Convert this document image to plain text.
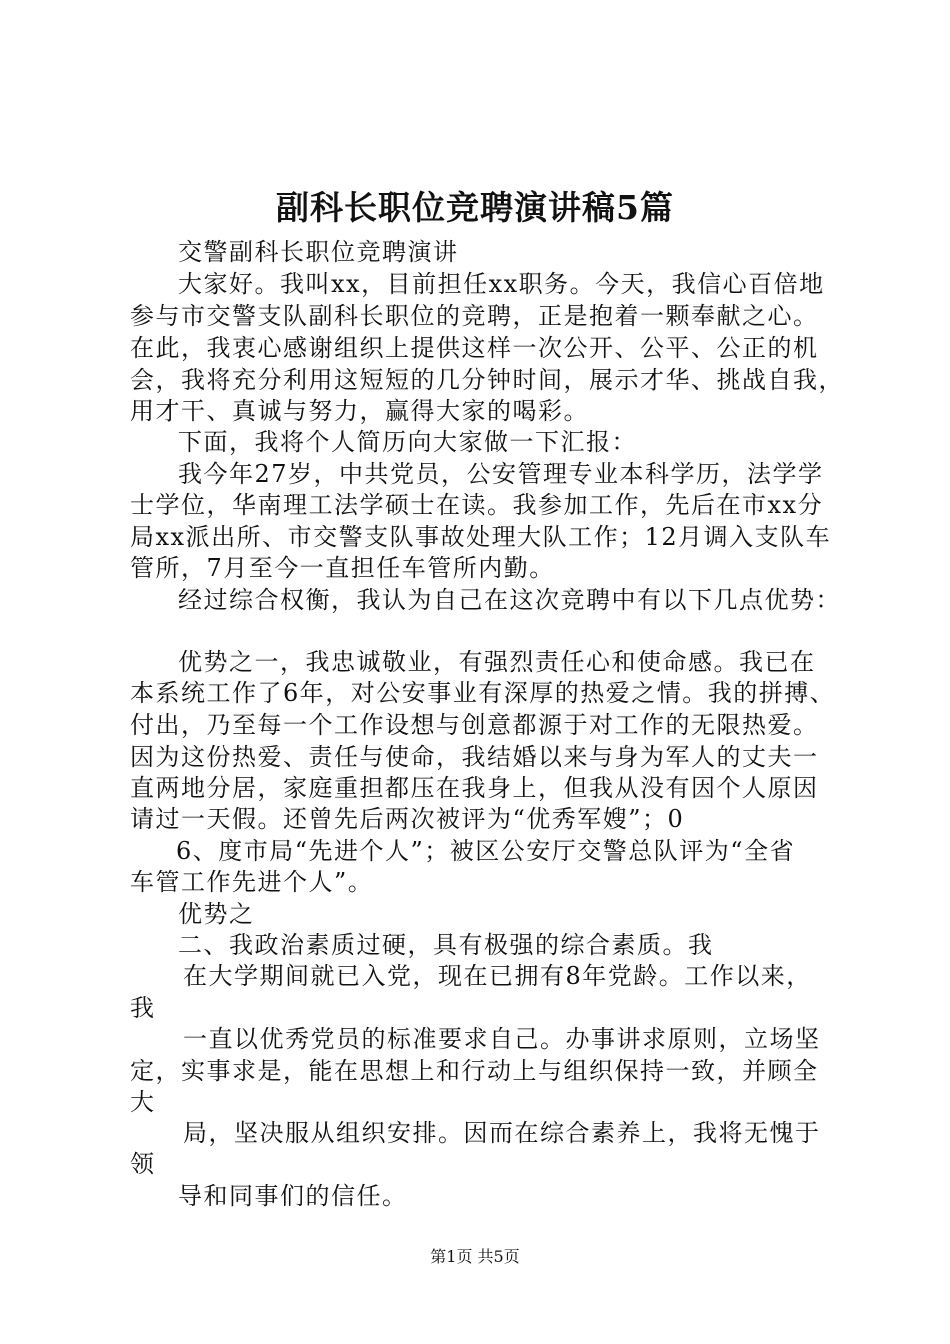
副科长职位竞聘演讲稿5篇
交警副科长职位竞聘演讲
大家好。我叫xx，目前担任xx职务。今天，我信心百倍地
参与市交警支队副科长职位的竞聘，正是抱着一颗奉献之心。
在此，我衷心感谢组织上提供这样一次公开、公平、公正的机
会，我将充分利用这短短的几分钟时间，展示才华、挑战自我，
用才干、真诚与努力，赢得大家的喝彩。
下面，我将个人简历向大家做一下汇报：
我今年27岁，中共党员，公安管理专业本科学历，法学学
士学位，华南理工法学硕士在读。我参加工作，先后在市xx分
局xx派出所、市交警支队事故处理大队工作；12月调入支队车
管所，7月至今一直担任车管所内勤。
经过综合权衡，我认为自己在这次竞聘中有以下几点优势：
优势之一，我忠诚敬业，有强烈责任心和使命感。我已在
本系统工作了6年，对公安事业有深厚的热爱之情。我的拼搏、
付出，乃至每一个工作设想与创意都源于对工作的无限热爱。
因为这份热爱、责任与使命，我结婚以来与身为军人的丈夫一
直两地分居，家庭重担都压在我身上，但我从没有因个人原因
请过一天假。还曾先后两次被评为“优秀军嫂”；0
6、度市局“先进个人”；被区公安厅交警总队评为“全省
车管工作先进个人”。
优势之
二、我政治素质过硬，具有极强的综合素质。我
在大学期间就已入党，现在已拥有8年党龄。工作以来，
我
一直以优秀党员的标准要求自己。办事讲求原则，立场坚
定，实事求是，能在思想上和行动上与组织保持一致，并顾全
大
局，坚决服从组织安排。因而在综合素养上，我将无愧于
领
导和同事们的信任。
第1页 共5页
